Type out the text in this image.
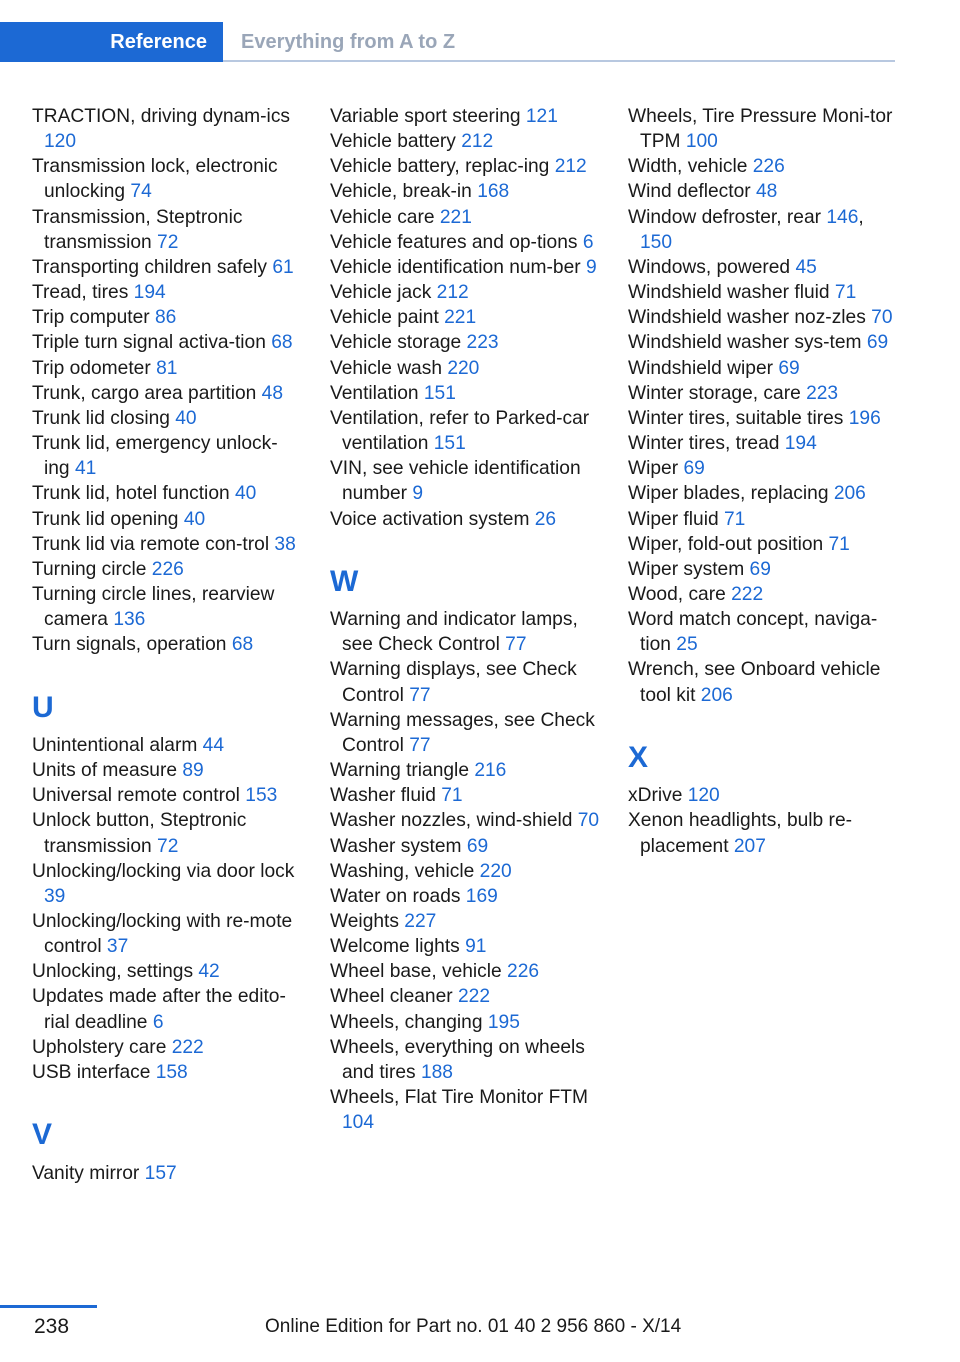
Reference	Everything from A to Z
TRACTION, driving dynam-ics 120
Transmission lock, electronic unlocking 74
Transmission, Steptronic transmission 72
Transporting children safely 61
Tread, tires 194
Trip computer 86
Triple turn signal activa-tion 68
Trip odometer 81
Trunk, cargo area partition 48
Trunk lid closing 40
Trunk lid, emergency unlock-ing 41
Trunk lid, hotel function 40
Trunk lid opening 40
Trunk lid via remote con-trol 38
Turning circle 226
Turning circle lines, rearview camera 136
Turn signals, operation 68
U
Unintentional alarm 44
Units of measure 89
Universal remote control 153
Unlock button, Steptronic transmission 72
Unlocking/locking via door lock 39
Unlocking/locking with re-mote control 37
Unlocking, settings 42
Updates made after the edito-rial deadline 6
Upholstery care 222
USB interface 158
V
Vanity mirror 157
Variable sport steering 121
Vehicle battery 212
Vehicle battery, replac-ing 212
Vehicle, break-in 168
Vehicle care 221
Vehicle features and op-tions 6
Vehicle identification num-ber 9
Vehicle jack 212
Vehicle paint 221
Vehicle storage 223
Vehicle wash 220
Ventilation 151
Ventilation, refer to Parked-car ventilation 151
VIN, see vehicle identification number 9
Voice activation system 26
W
Warning and indicator lamps, see Check Control 77
Warning displays, see Check Control 77
Warning messages, see Check Control 77
Warning triangle 216
Washer fluid 71
Washer nozzles, wind-shield 70
Washer system 69
Washing, vehicle 220
Water on roads 169
Weights 227
Welcome lights 91
Wheel base, vehicle 226
Wheel cleaner 222
Wheels, changing 195
Wheels, everything on wheels and tires 188
Wheels, Flat Tire Monitor FTM 104
Wheels, Tire Pressure Moni-tor TPM 100
Width, vehicle 226
Wind deflector 48
Window defroster, rear 146, 150
Windows, powered 45
Windshield washer fluid 71
Windshield washer noz-zles 70
Windshield washer sys-tem 69
Windshield wiper 69
Winter storage, care 223
Winter tires, suitable tires 196
Winter tires, tread 194
Wiper 69
Wiper blades, replacing 206
Wiper fluid 71
Wiper, fold-out position 71
Wiper system 69
Wood, care 222
Word match concept, naviga-tion 25
Wrench, see Onboard vehicle tool kit 206
X
xDrive 120
Xenon headlights, bulb re-placement 207
238	Online Edition for Part no. 01 40 2 956 860 - X/14
